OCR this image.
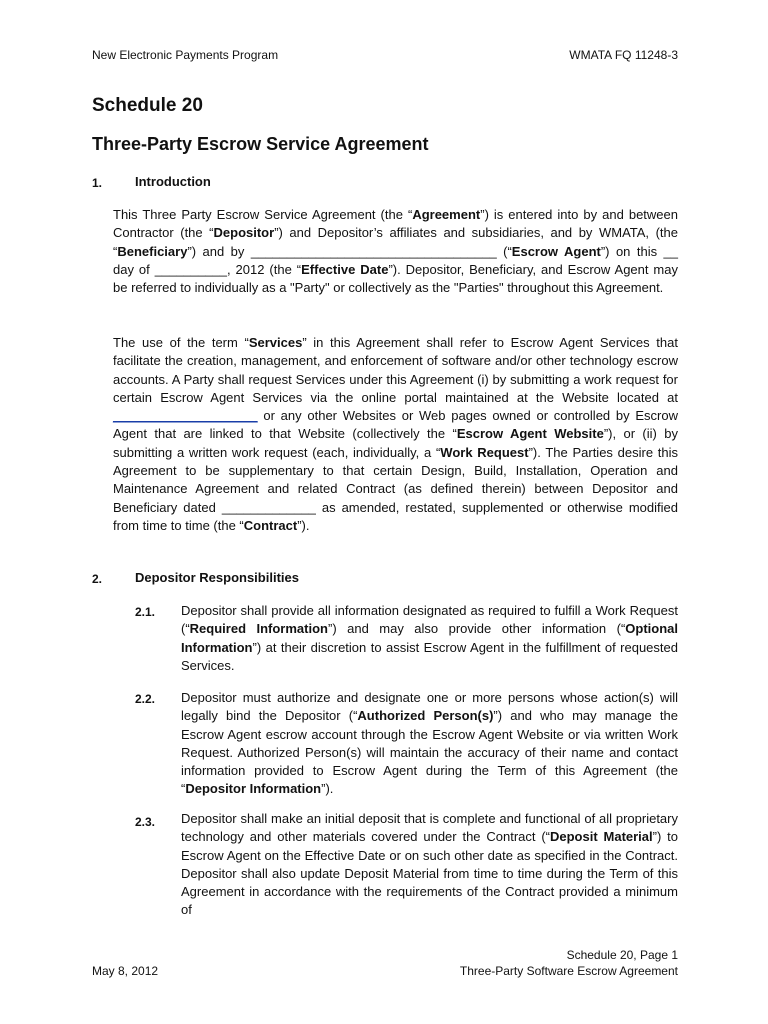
New Electronic Payments Program	WMATA FQ 11248-3
Schedule 20
Three-Party Escrow Service Agreement
1.	Introduction

This Three Party Escrow Service Agreement (the “Agreement”) is entered into by and between Contractor (the “Depositor”) and Depositor’s affiliates and subsidiaries, and by WMATA, (the “Beneficiary”) and by __________________________________ (“Escrow Agent”) on this __ day of __________, 2012 (the “Effective Date”). Depositor, Beneficiary, and Escrow Agent may be referred to individually as a "Party" or collectively as the "Parties" throughout this Agreement.

The use of the term “Services” in this Agreement shall refer to Escrow Agent Services that facilitate the creation, management, and enforcement of software and/or other technology escrow accounts. A Party shall request Services under this Agreement (i) by submitting a work request for certain Escrow Agent Services via the online portal maintained at the Website located at ____________________ or any other Websites or Web pages owned or controlled by Escrow Agent that are linked to that Website (collectively the “Escrow Agent Website”), or (ii) by submitting a written work request (each, individually, a “Work Request”). The Parties desire this Agreement to be supplementary to that certain Design, Build, Installation, Operation and Maintenance Agreement and related Contract (as defined therein) between Depositor and Beneficiary dated _____________ as amended, restated, supplemented or otherwise modified from time to time (the “Contract”).

2.	Depositor Responsibilities
2.1. Depositor shall provide all information designated as required to fulfill a Work Request (“Required Information”) and may also provide other information (“Optional Information”) at their discretion to assist Escrow Agent in the fulfillment of requested Services.

2.2. Depositor must authorize and designate one or more persons whose action(s) will legally bind the Depositor (“Authorized Person(s)”) and who may manage the Escrow Agent escrow account through the Escrow Agent Website or via written Work Request. Authorized Person(s) will maintain the accuracy of their name and contact information provided to Escrow Agent during the Term of this Agreement (the “Depositor Information”).

2.3. Depositor shall make an initial deposit that is complete and functional of all proprietary technology and other materials covered under the Contract (“Deposit Material”) to Escrow Agent on the Effective Date or on such other date as specified in the Contract. Depositor shall also update Deposit Material from time to time during the Term of this Agreement in accordance with the requirements of the Contract provided a minimum of

Schedule 20, Page 1
Three-Party Software Escrow Agreement
May 8, 2012
